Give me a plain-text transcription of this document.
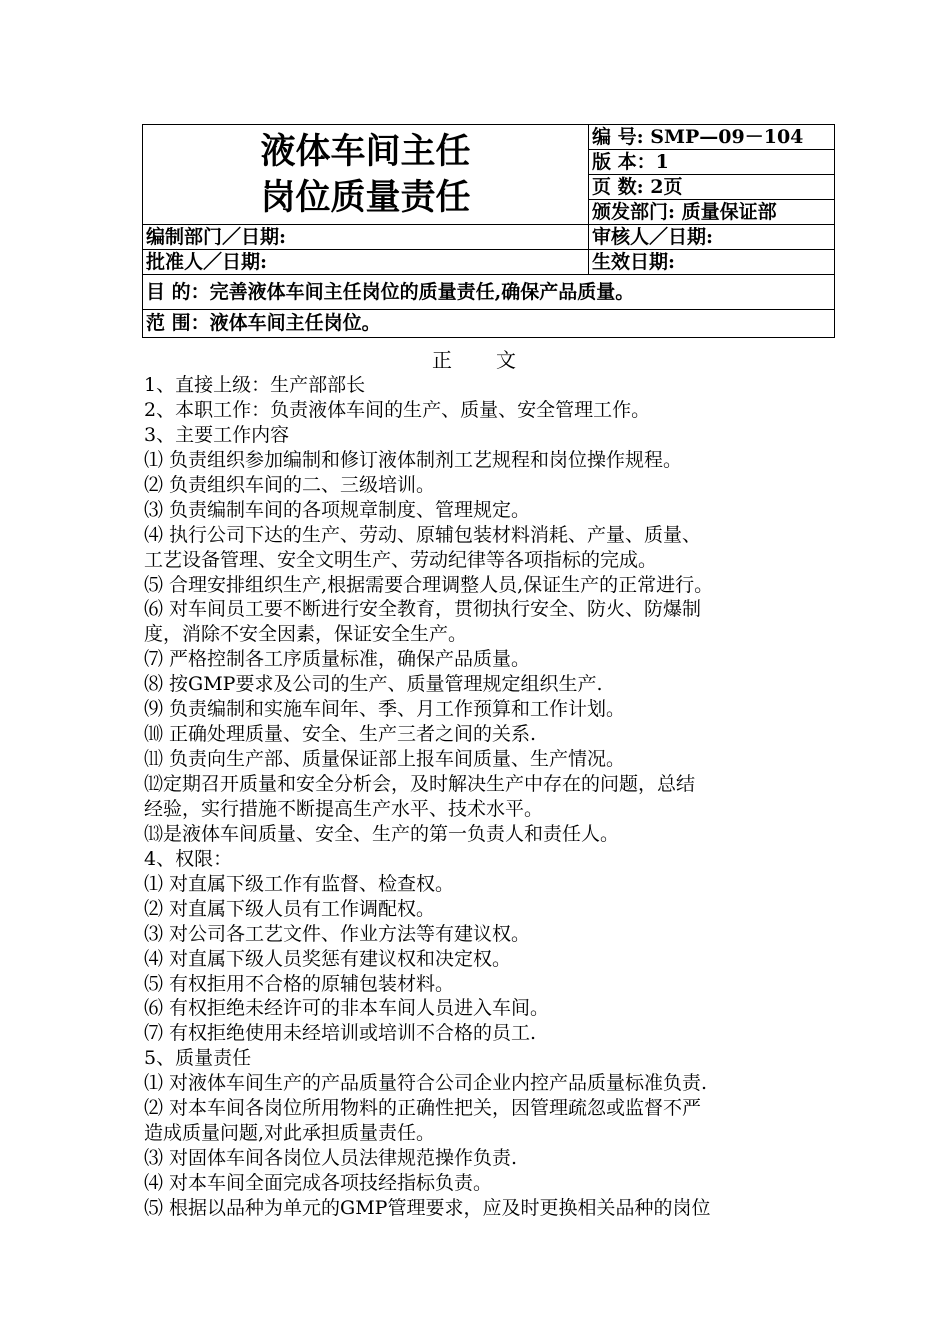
液体车间主任
岗位质量责任	编 号: SMP—09－104
	版 本：1
	页 数: 2页
	颁发部门: 质量保证部
编制部门／日期:	审核人／日期:
批准人／日期:	生效日期:
目 的：完善液体车间主任岗位的质量责任,确保产品质量。	
范 围：液体车间主任岗位。	
正文
1、直接上级：生产部部长
2、本职工作：负责液体车间的生产、质量、安全管理工作。
3、主要工作内容
⑴ 负责组织参加编制和修订液体制剂工艺规程和岗位操作规程。
⑵ 负责组织车间的二、三级培训。
⑶ 负责编制车间的各项规章制度、管理规定。
⑷ 执行公司下达的生产、劳动、原辅包装材料消耗、产量、质量、
工艺设备管理、安全文明生产、劳动纪律等各项指标的完成。
⑸ 合理安排组织生产,根据需要合理调整人员,保证生产的正常进行。
⑹ 对车间员工要不断进行安全教育，贯彻执行安全、防火、防爆制
度，消除不安全因素，保证安全生产。
⑺ 严格控制各工序质量标准，确保产品质量。
⑻ 按GMP要求及公司的生产、质量管理规定组织生产.
⑼ 负责编制和实施车间年、季、月工作预算和工作计划。
⑽ 正确处理质量、安全、生产三者之间的关系.
⑾ 负责向生产部、质量保证部上报车间质量、生产情况。
⑿定期召开质量和安全分析会，及时解决生产中存在的问题，总结
经验，实行措施不断提高生产水平、技术水平。
⒀是液体车间质量、安全、生产的第一负责人和责任人。
4、权限：
⑴ 对直属下级工作有监督、检查权。
⑵ 对直属下级人员有工作调配权。
⑶ 对公司各工艺文件、作业方法等有建议权。
⑷ 对直属下级人员奖惩有建议权和决定权。
⑸ 有权拒用不合格的原辅包装材料。
⑹ 有权拒绝未经许可的非本车间人员进入车间。
⑺ 有权拒绝使用未经培训或培训不合格的员工.
5、质量责任
⑴ 对液体车间生产的产品质量符合公司企业内控产品质量标准负责.
⑵ 对本车间各岗位所用物料的正确性把关，因管理疏忽或监督不严
造成质量问题,对此承担质量责任。
⑶ 对固体车间各岗位人员法律规范操作负责.
⑷ 对本车间全面完成各项技经指标负责。
⑸ 根据以品种为单元的GMP管理要求，应及时更换相关品种的岗位
